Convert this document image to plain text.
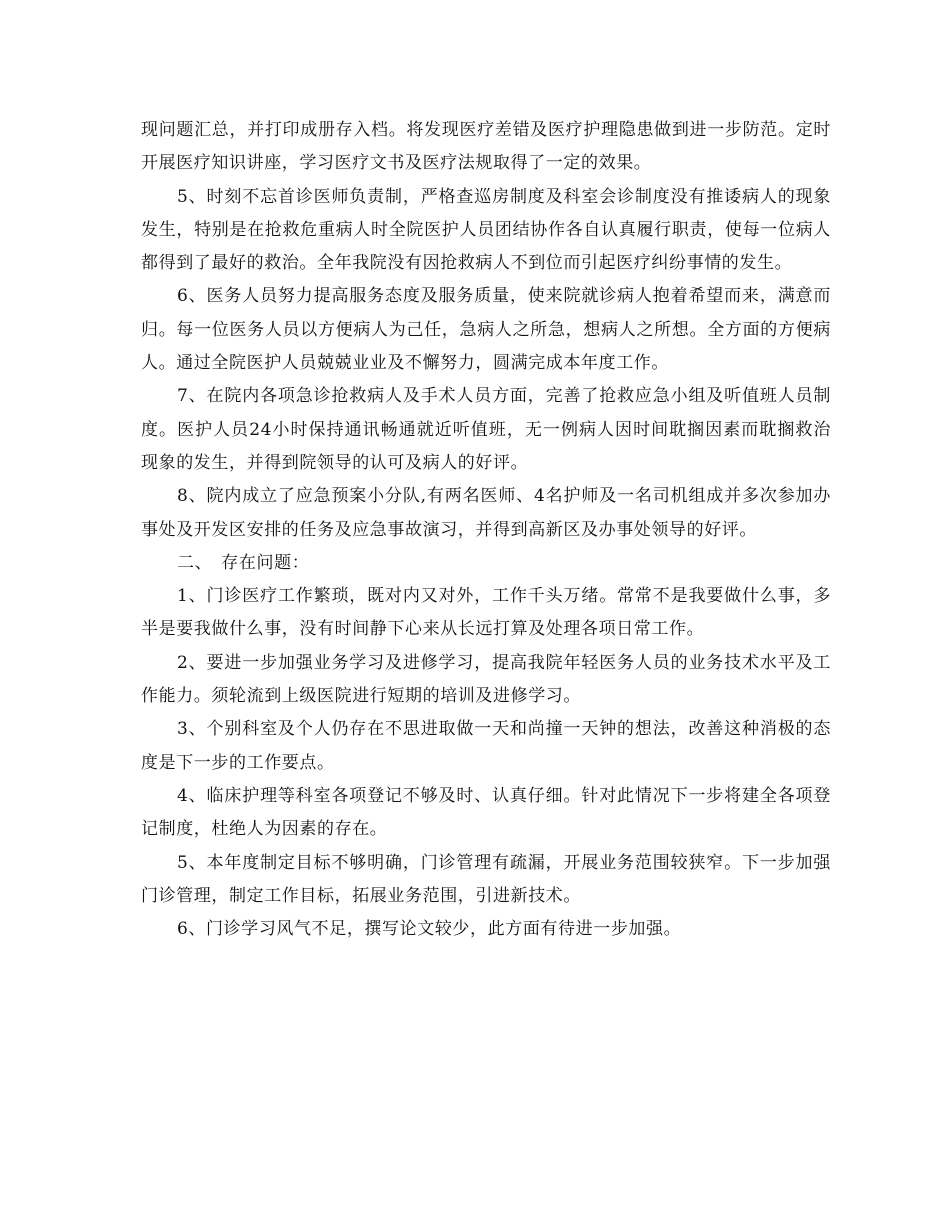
现问题汇总，并打印成册存入档。将发现医疗差错及医疗护理隐患做到进一步防范。定时开展医疗知识讲座，学习医疗文书及医疗法规取得了一定的效果。

5、时刻不忘首诊医师负责制，严格查巡房制度及科室会诊制度没有推诿病人的现象发生，特别是在抢救危重病人时全院医护人员团结协作各自认真履行职责，使每一位病人都得到了最好的救治。全年我院没有因抢救病人不到位而引起医疗纠纷事情的发生。

6、医务人员努力提高服务态度及服务质量，使来院就诊病人抱着希望而来，满意而归。每一位医务人员以方便病人为己任，急病人之所急，想病人之所想。全方面的方便病人。通过全院医护人员兢兢业业及不懈努力，圆满完成本年度工作。

7、在院内各项急诊抢救病人及手术人员方面，完善了抢救应急小组及听值班人员制度。医护人员24小时保持通讯畅通就近听值班，无一例病人因时间耽搁因素而耽搁救治现象的发生，并得到院领导的认可及病人的好评。

8、院内成立了应急预案小分队,有两名医师、4名护师及一名司机组成并多次参加办事处及开发区安排的任务及应急事故演习，并得到高新区及办事处领导的好评。

二、　存在问题：

1、门诊医疗工作繁琐，既对内又对外，工作千头万绪。常常不是我要做什么事，多半是要我做什么事，没有时间静下心来从长远打算及处理各项日常工作。

2、要进一步加强业务学习及进修学习，提高我院年轻医务人员的业务技术水平及工作能力。须轮流到上级医院进行短期的培训及进修学习。

3、个别科室及个人仍存在不思进取做一天和尚撞一天钟的想法，改善这种消极的态度是下一步的工作要点。

4、临床护理等科室各项登记不够及时、认真仔细。针对此情况下一步将建全各项登记制度，杜绝人为因素的存在。

5、本年度制定目标不够明确，门诊管理有疏漏，开展业务范围较狭窄。下一步加强门诊管理，制定工作目标，拓展业务范围，引进新技术。

6、门诊学习风气不足，撰写论文较少，此方面有待进一步加强。
